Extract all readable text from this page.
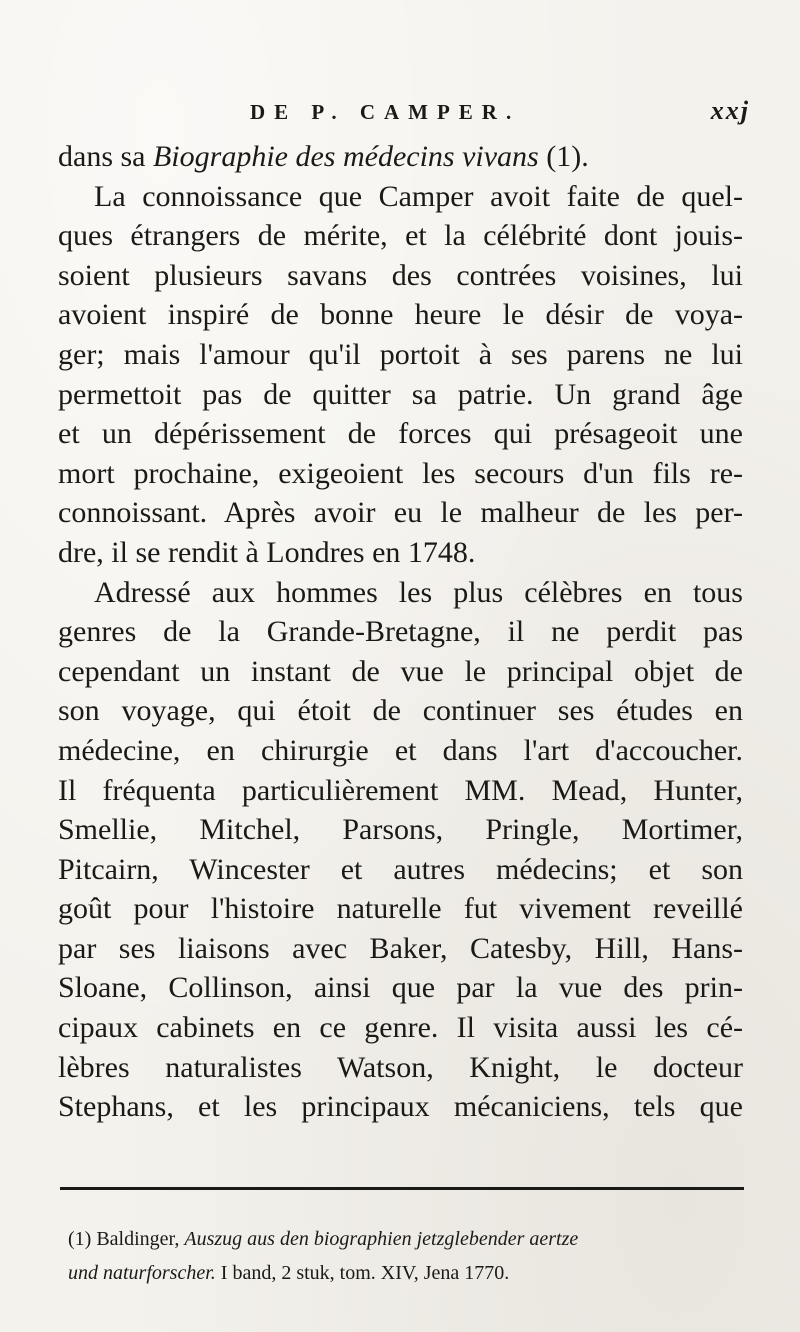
DE P. CAMPER.	xxj
dans sa Biographie des médecins vivans (1).
La connoissance que Camper avoit faite de quel-
ques étrangers de mérite, et la célébrité dont jouis-
soient plusieurs savans des contrées voisines, lui
avoient inspiré de bonne heure le désir de voya-
ger; mais l'amour qu'il portoit à ses parens ne lui
permettoit pas de quitter sa patrie. Un grand âge
et un dépérissement de forces qui présageoit une
mort prochaine, exigeoient les secours d'un fils re-
connoissant. Après avoir eu le malheur de les per-
dre, il se rendit à Londres en 1748.
Adressé aux hommes les plus célèbres en tous
genres de la Grande-Bretagne, il ne perdit pas
cependant un instant de vue le principal objet de
son voyage, qui étoit de continuer ses études en
médecine, en chirurgie et dans l'art d'accoucher.
Il fréquenta particulièrement MM. Mead, Hunter,
Smellie, Mitchel, Parsons, Pringle, Mortimer,
Pitcairn, Wincester et autres médecins; et son
goût pour l'histoire naturelle fut vivement reveillé
par ses liaisons avec Baker, Catesby, Hill, Hans-
Sloane, Collinson, ainsi que par la vue des prin-
cipaux cabinets en ce genre. Il visita aussi les cé-
lèbres naturalistes Watson, Knight, le docteur
Stephans, et les principaux mécaniciens, tels que
(1) Baldinger, Auszug aus den biographien jetzglebender aertze
und naturforscher. I band, 2 stuk, tom. XIV, Jena 1770.
